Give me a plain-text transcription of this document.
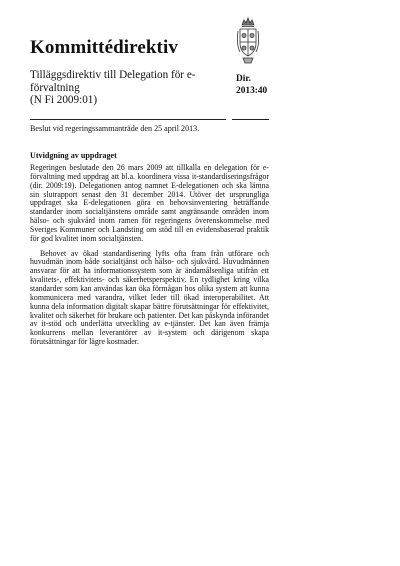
Kommittédirektiv
Tilläggsdirektiv till Delegation för e-
förvaltning
(N Fi 2009:01)
Dir.
2013:40
Beslut vid regeringssammanträde den 25 april 2013.
Utvidgning av uppdraget

Regeringen beslutade den 26 mars 2009 att tillkalla en delegation för e-förvaltning med uppdrag att bl.a. koordinera vissa it-standardiseringsfrågor (dir. 2009:19). Delegationen antog namnet E-delegationen och ska lämna sin slutrapport senast den 31 december 2014. Utöver det ursprungliga uppdraget ska E-delegationen göra en behovsinventering beträffande standarder inom socialtjänstens område samt angränsande områden inom hälso- och sjukvård inom ramen för regeringens överenskommelse med Sveriges Kommuner och Landsting om stöd till en evidensbaserad praktik för god kvalitet inom socialtjänsten.

Behovet av ökad standardisering lyfts ofta fram från utförare och huvudmän inom både socialtjänst och hälso- och sjukvård. Huvudmännen ansvarar för att ha informationssystem som är ändamålsenliga utifrån ett kvalitets-, effektivitets- och säkerhetsperspektiv. En tydlighet kring vilka standarder som kan användas kan öka förmågan hos olika system att kunna kommunicera med varandra, vilket leder till ökad interoperabilitet. Att kunna dela information digitalt skapar bättre förutsättningar för effektivitet, kvalitet och säkerhet för brukare och patienter. Det kan påskynda införandet av it-stöd och underlätta utveckling av e-tjänster. Det kan även främja konkurrens mellan leverantörer av it-system och därigenom skapa förutsättningar för lägre kostnader.
